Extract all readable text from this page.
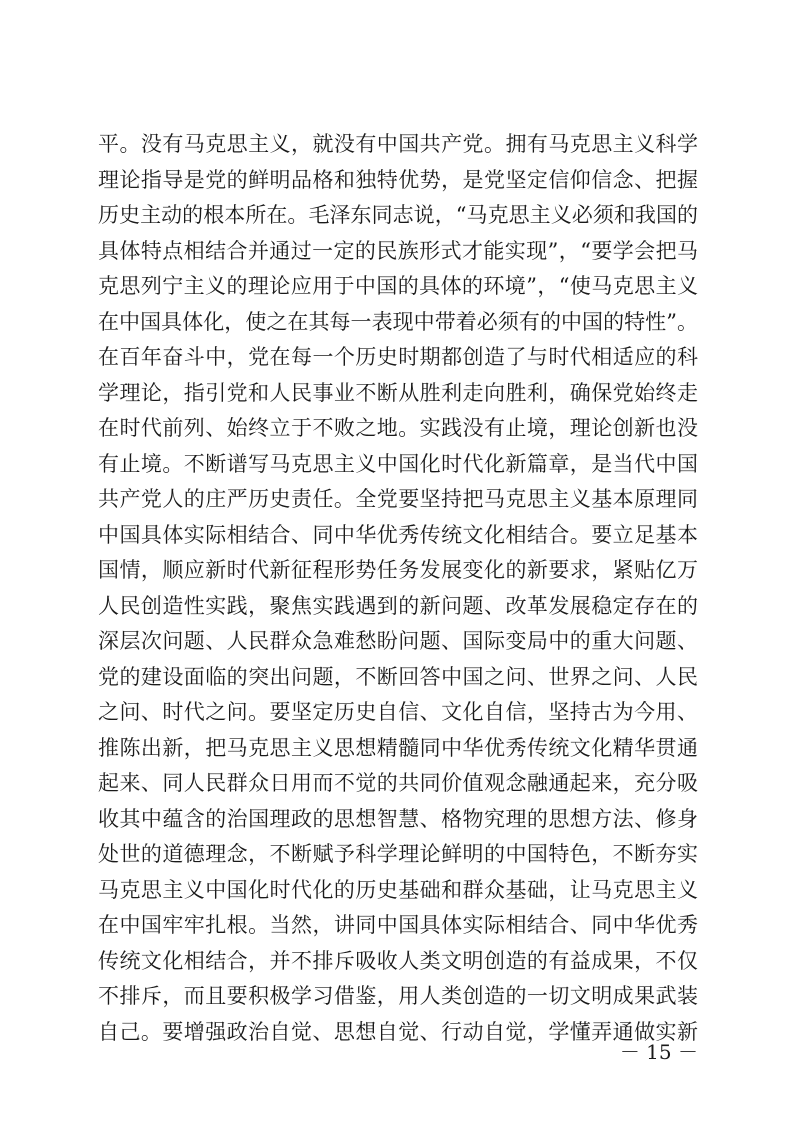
平。没有马克思主义，就没有中国共产党。拥有马克思主义科学
理论指导是党的鲜明品格和独特优势，是党坚定信仰信念、把握
历史主动的根本所在。毛泽东同志说，“马克思主义必须和我国的
具体特点相结合并通过一定的民族形式才能实现”，“要学会把马
克思列宁主义的理论应用于中国的具体的环境”，“使马克思主义
在中国具体化，使之在其每一表现中带着必须有的中国的特性”。
在百年奋斗中，党在每一个历史时期都创造了与时代相适应的科
学理论，指引党和人民事业不断从胜利走向胜利，确保党始终走
在时代前列、始终立于不败之地。实践没有止境，理论创新也没
有止境。不断谱写马克思主义中国化时代化新篇章，是当代中国
共产党人的庄严历史责任。全党要坚持把马克思主义基本原理同
中国具体实际相结合、同中华优秀传统文化相结合。要立足基本
国情，顺应新时代新征程形势任务发展变化的新要求，紧贴亿万
人民创造性实践，聚焦实践遇到的新问题、改革发展稳定存在的
深层次问题、人民群众急难愁盼问题、国际变局中的重大问题、
党的建设面临的突出问题，不断回答中国之问、世界之问、人民
之问、时代之问。要坚定历史自信、文化自信，坚持古为今用、
推陈出新，把马克思主义思想精髓同中华优秀传统文化精华贯通
起来、同人民群众日用而不觉的共同价值观念融通起来，充分吸
收其中蕴含的治国理政的思想智慧、格物究理的思想方法、修身
处世的道德理念，不断赋予科学理论鲜明的中国特色，不断夯实
马克思主义中国化时代化的历史基础和群众基础，让马克思主义
在中国牢牢扎根。当然，讲同中国具体实际相结合、同中华优秀
传统文化相结合，并不排斥吸收人类文明创造的有益成果，不仅
不排斥，而且要积极学习借鉴，用人类创造的一切文明成果武装
自己。要增强政治自觉、思想自觉、行动自觉，学懂弄通做实新
－ 15 －
